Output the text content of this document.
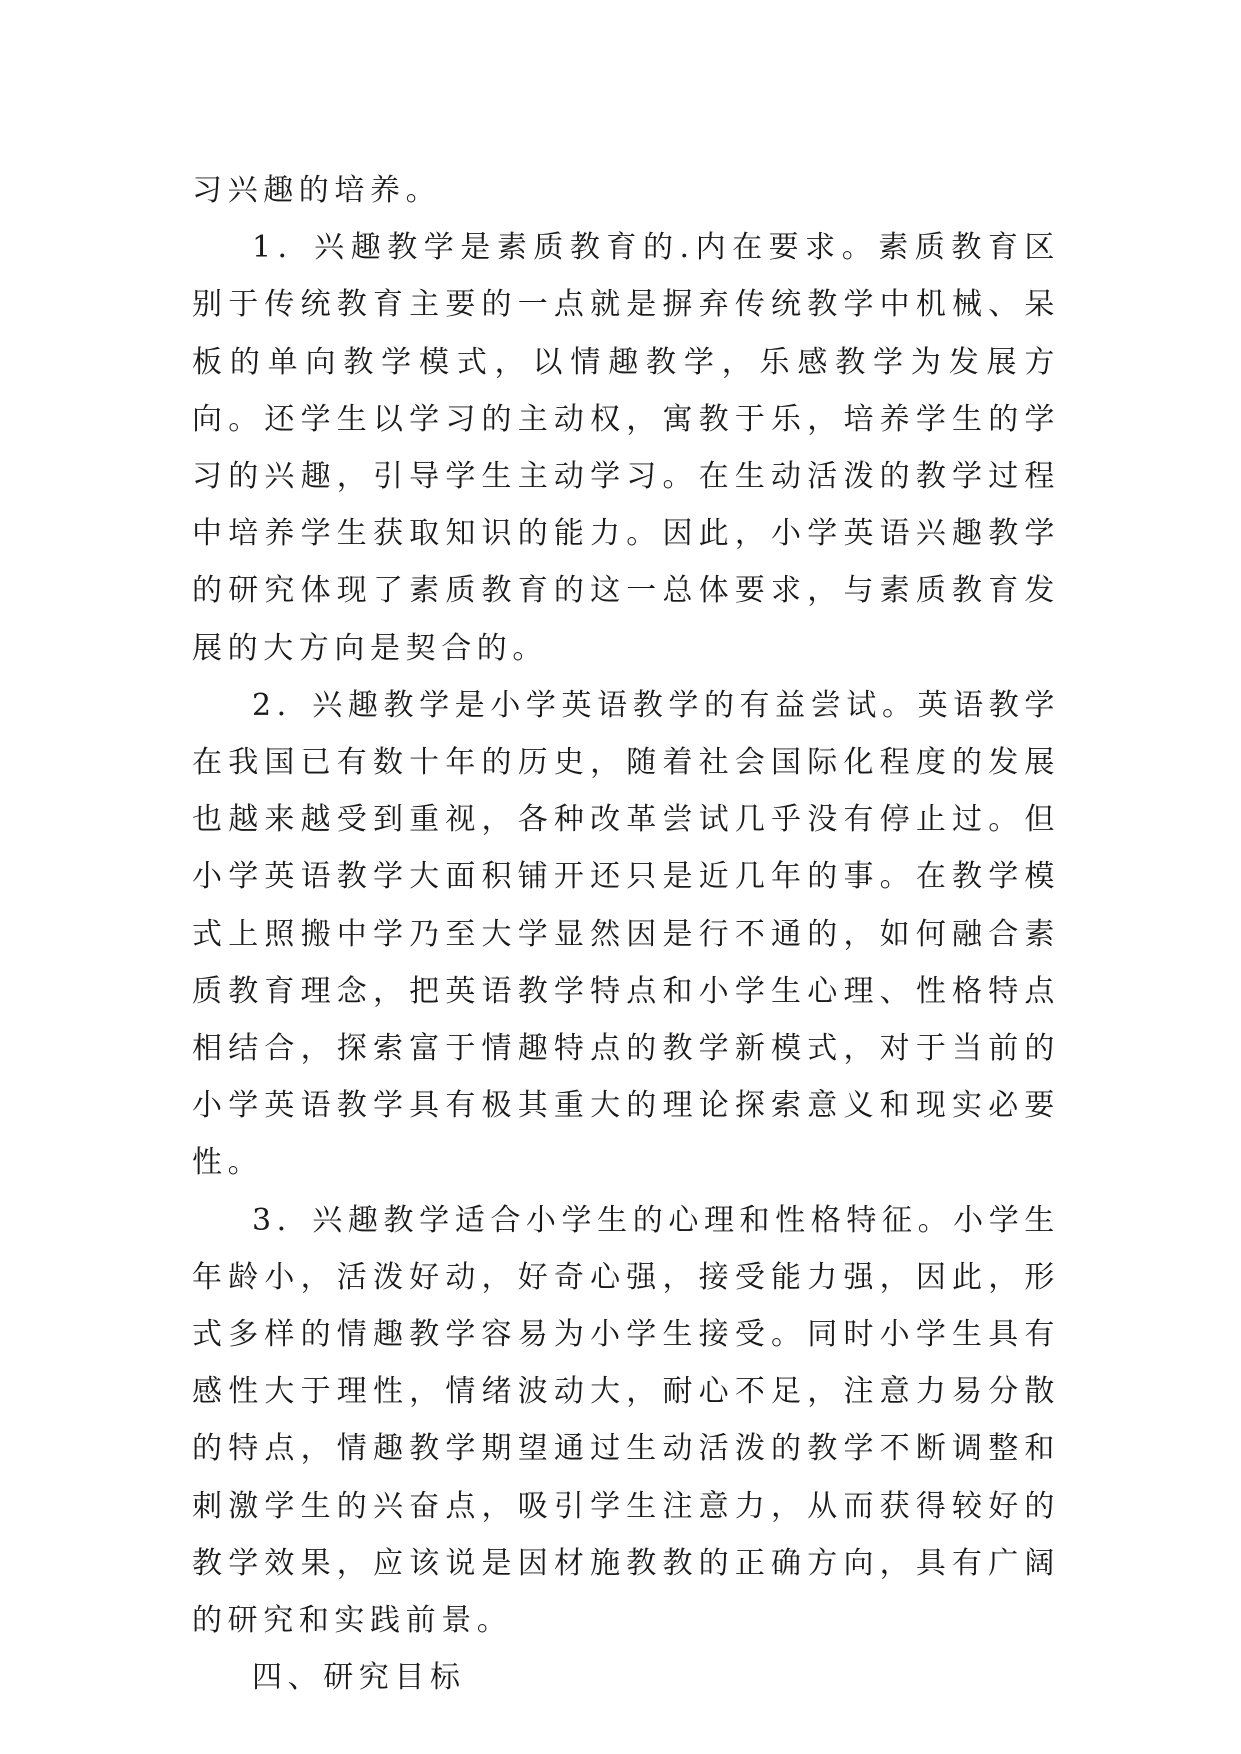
习兴趣的培养。

1．兴趣教学是素质教育的.内在要求。素质教育区别于传统教育主要的一点就是摒弃传统教学中机械、呆板的单向教学模式，以情趣教学，乐感教学为发展方向。还学生以学习的主动权，寓教于乐，培养学生的学习的兴趣，引导学生主动学习。在生动活泼的教学过程中培养学生获取知识的能力。因此，小学英语兴趣教学的研究体现了素质教育的这一总体要求，与素质教育发展的大方向是契合的。

2．兴趣教学是小学英语教学的有益尝试。英语教学在我国已有数十年的历史，随着社会国际化程度的发展也越来越受到重视，各种改革尝试几乎没有停止过。但小学英语教学大面积铺开还只是近几年的事。在教学模式上照搬中学乃至大学显然因是行不通的，如何融合素质教育理念，把英语教学特点和小学生心理、性格特点相结合，探索富于情趣特点的教学新模式，对于当前的小学英语教学具有极其重大的理论探索意义和现实必要性。

3．兴趣教学适合小学生的心理和性格特征。小学生年龄小，活泼好动，好奇心强，接受能力强，因此，形式多样的情趣教学容易为小学生接受。同时小学生具有感性大于理性，情绪波动大，耐心不足，注意力易分散的特点，情趣教学期望通过生动活泼的教学不断调整和刺激学生的兴奋点，吸引学生注意力，从而获得较好的教学效果，应该说是因材施教教的正确方向，具有广阔的研究和实践前景。

四、研究目标
